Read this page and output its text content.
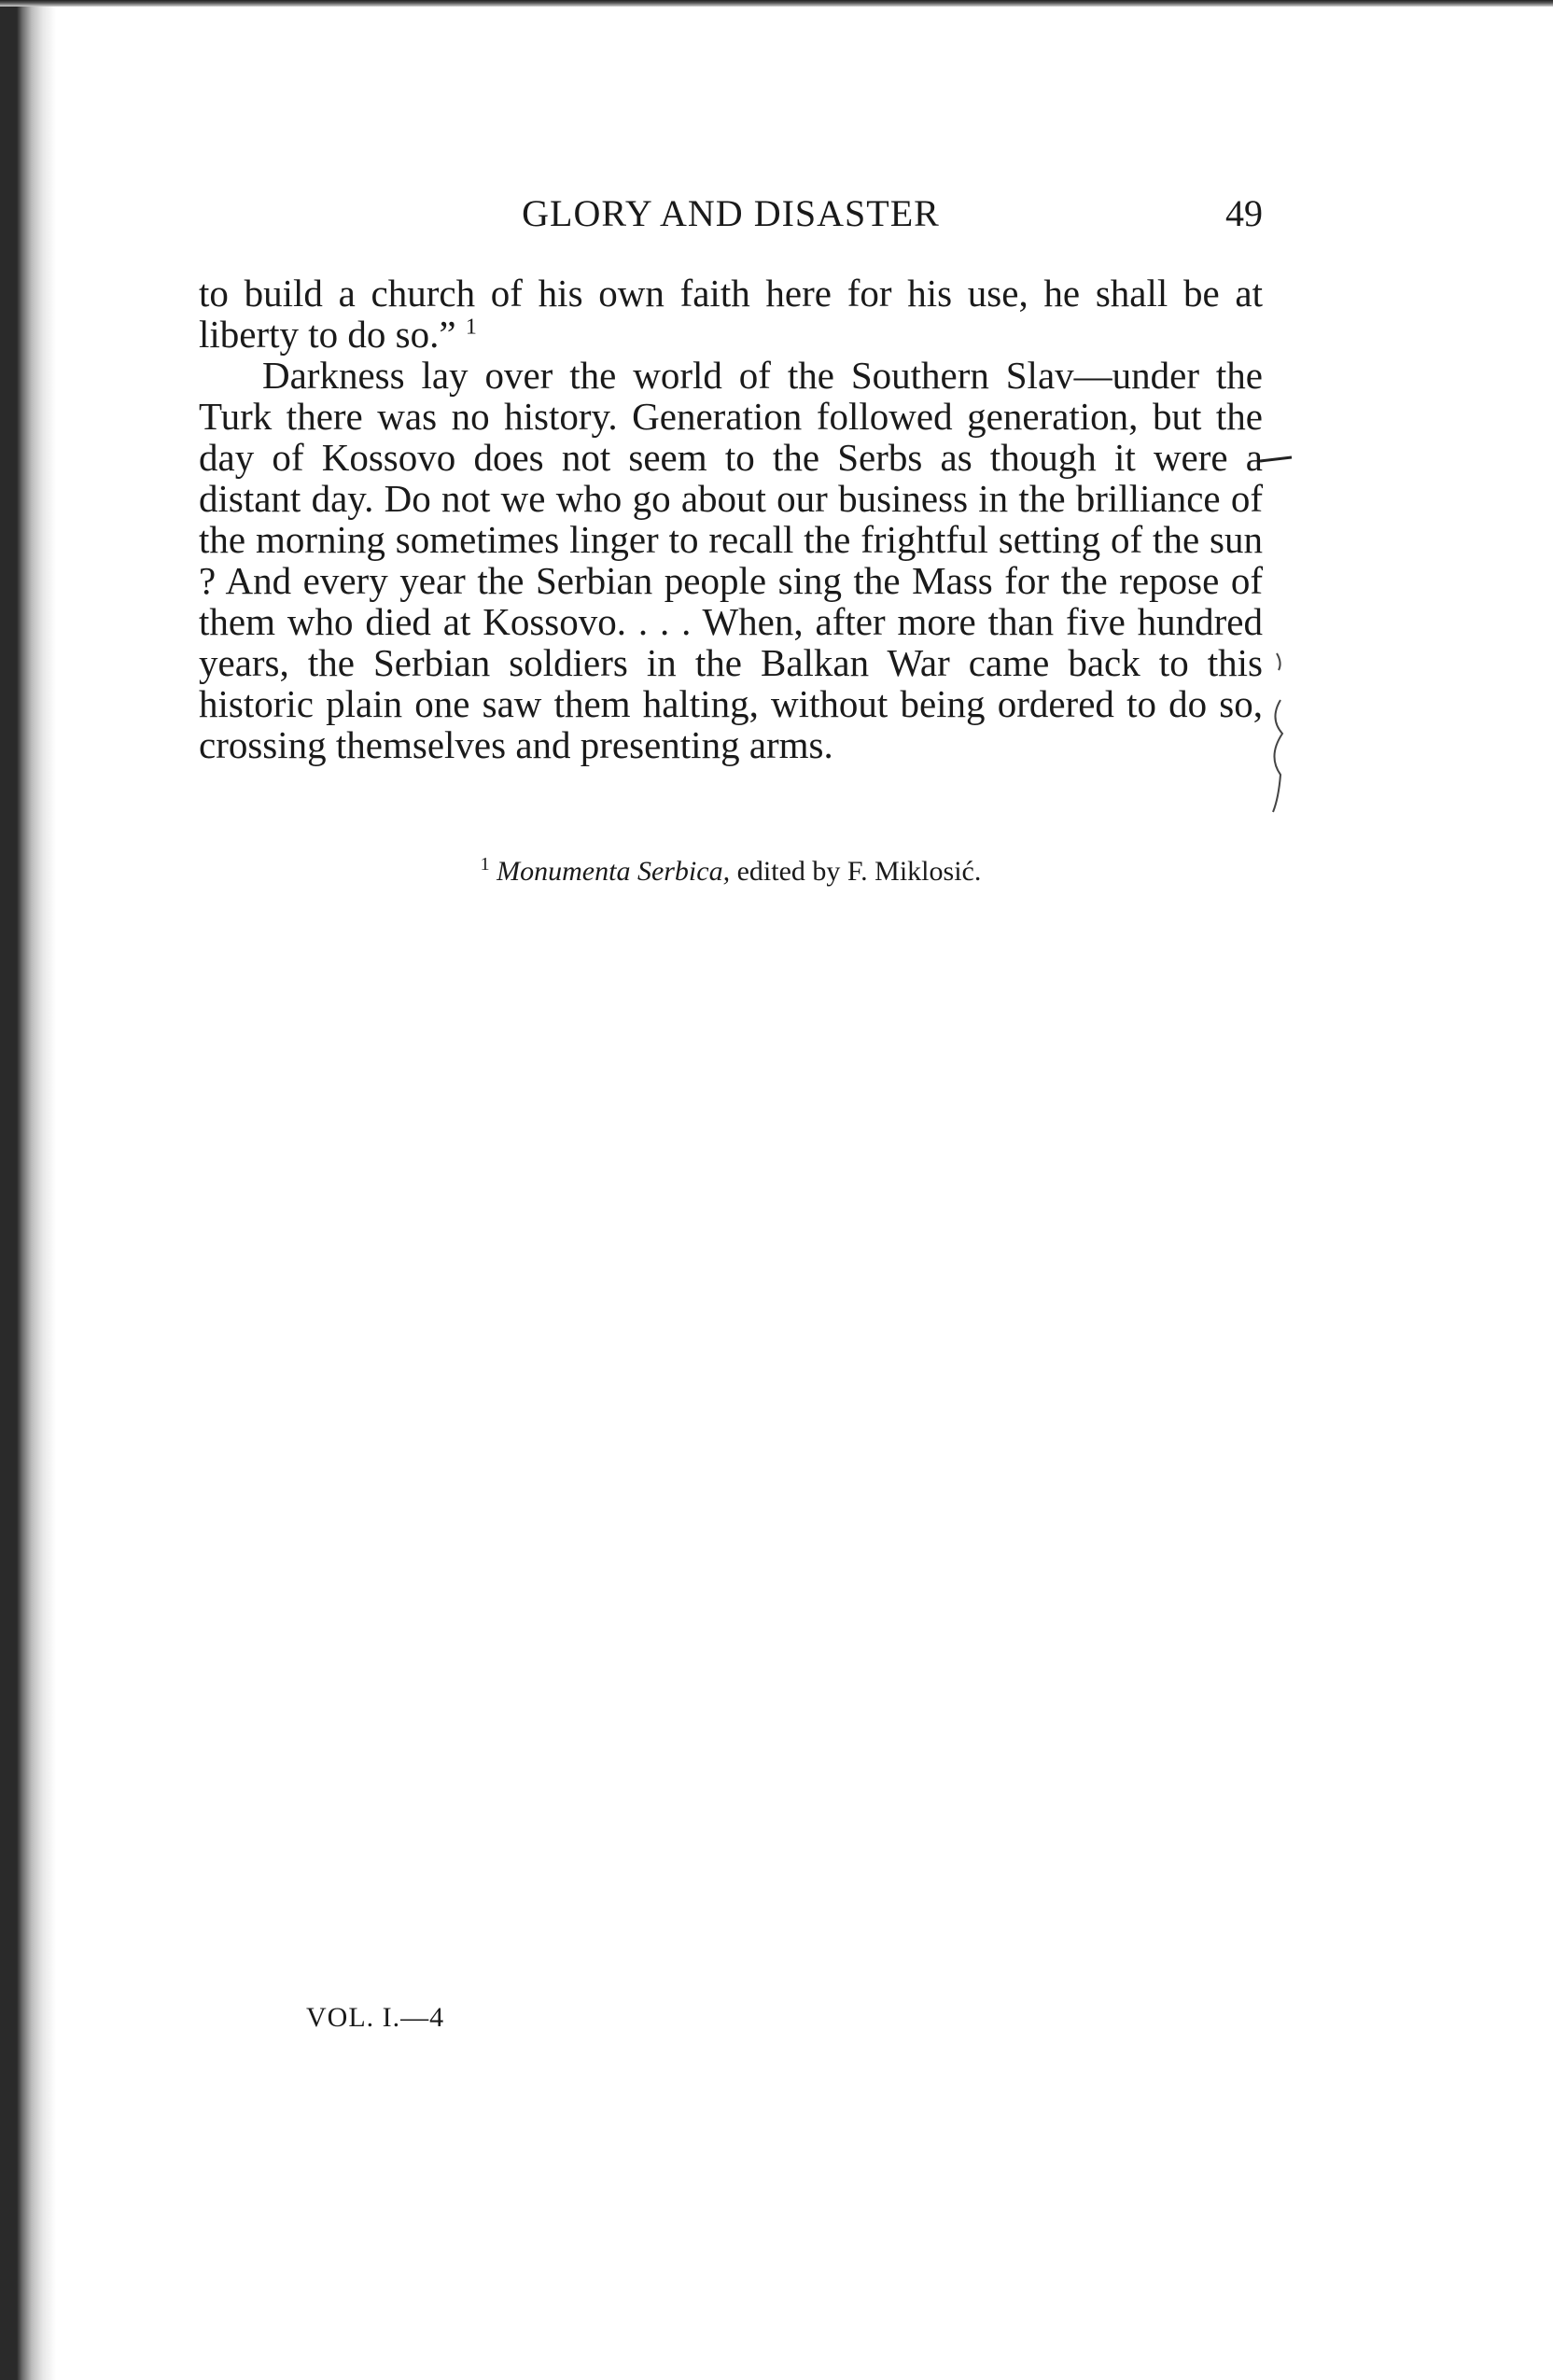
GLORY AND DISASTER	49

to build a church of his own faith here for his use, he shall be at liberty to do so.” $^1$

Darkness lay over the world of the Southern Slav—under the Turk there was no history. Generation followed generation, but the day of Kossovo does not seem to the Serbs as though it were a distant day. Do not we who go about our business in the brilliance of the morning sometimes linger to recall the frightful setting of the sun ? And every year the Serbian people sing the Mass for the repose of them who died at Kossovo. . . . When, after more than five hundred years, the Serbian soldiers in the Balkan War came back to this historic plain one saw them halting, without being ordered to do so, crossing themselves and presenting arms.

$^1$ Monumenta Serbica, edited by F. Miklosić.
VOL. I.—4
